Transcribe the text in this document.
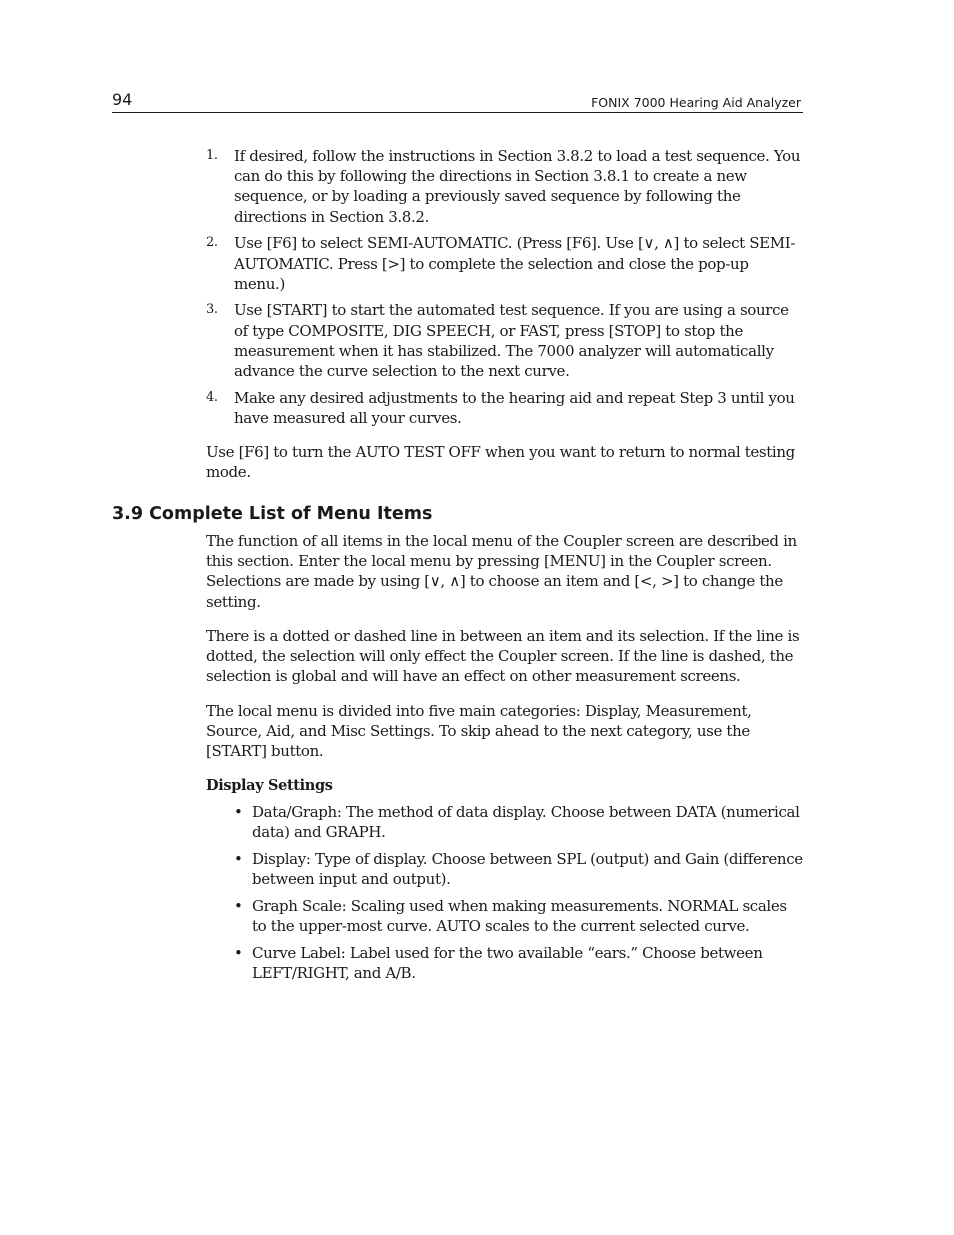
94	FONIX 7000 Hearing Aid Analyzer
1. If desired, follow the instructions in Section 3.8.2 to load a test sequence. You can do this by following the directions in Section 3.8.1 to create a new sequence, or by loading a previously saved sequence by following the directions in Section 3.8.2.
2. Use [F6] to select SEMI-AUTOMATIC. (Press [F6]. Use [∨, ∧] to select SEMI-AUTOMATIC. Press [>] to complete the selection and close the pop-up menu.)
3. Use [START] to start the automated test sequence. If you are using a source of type COMPOSITE, DIG SPEECH, or FAST, press [STOP] to stop the measurement when it has stabilized. The 7000 analyzer will automatically advance the curve selection to the next curve.
4. Make any desired adjustments to the hearing aid and repeat Step 3 until you have measured all your curves.

Use [F6] to turn the AUTO TEST OFF when you want to return to normal testing mode.

3.9 Complete List of Menu Items

The function of all items in the local menu of the Coupler screen are described in this section. Enter the local menu by pressing [MENU] in the Coupler screen. Selections are made by using [∨, ∧] to choose an item and [<, >] to change the setting.

There is a dotted or dashed line in between an item and its selection. If the line is dotted, the selection will only effect the Coupler screen. If the line is dashed, the selection is global and will have an effect on other measurement screens.

The local menu is divided into five main categories: Display, Measurement, Source, Aid, and Misc Settings. To skip ahead to the next category, use the [START] button.

Display Settings
• Data/Graph: The method of data display. Choose between DATA (numerical data) and GRAPH.
• Display: Type of display. Choose between SPL (output) and Gain (difference between input and output).
• Graph Scale: Scaling used when making measurements. NORMAL scales to the upper-most curve. AUTO scales to the current selected curve.
• Curve Label: Label used for the two available “ears.” Choose between LEFT/RIGHT, and A/B.
